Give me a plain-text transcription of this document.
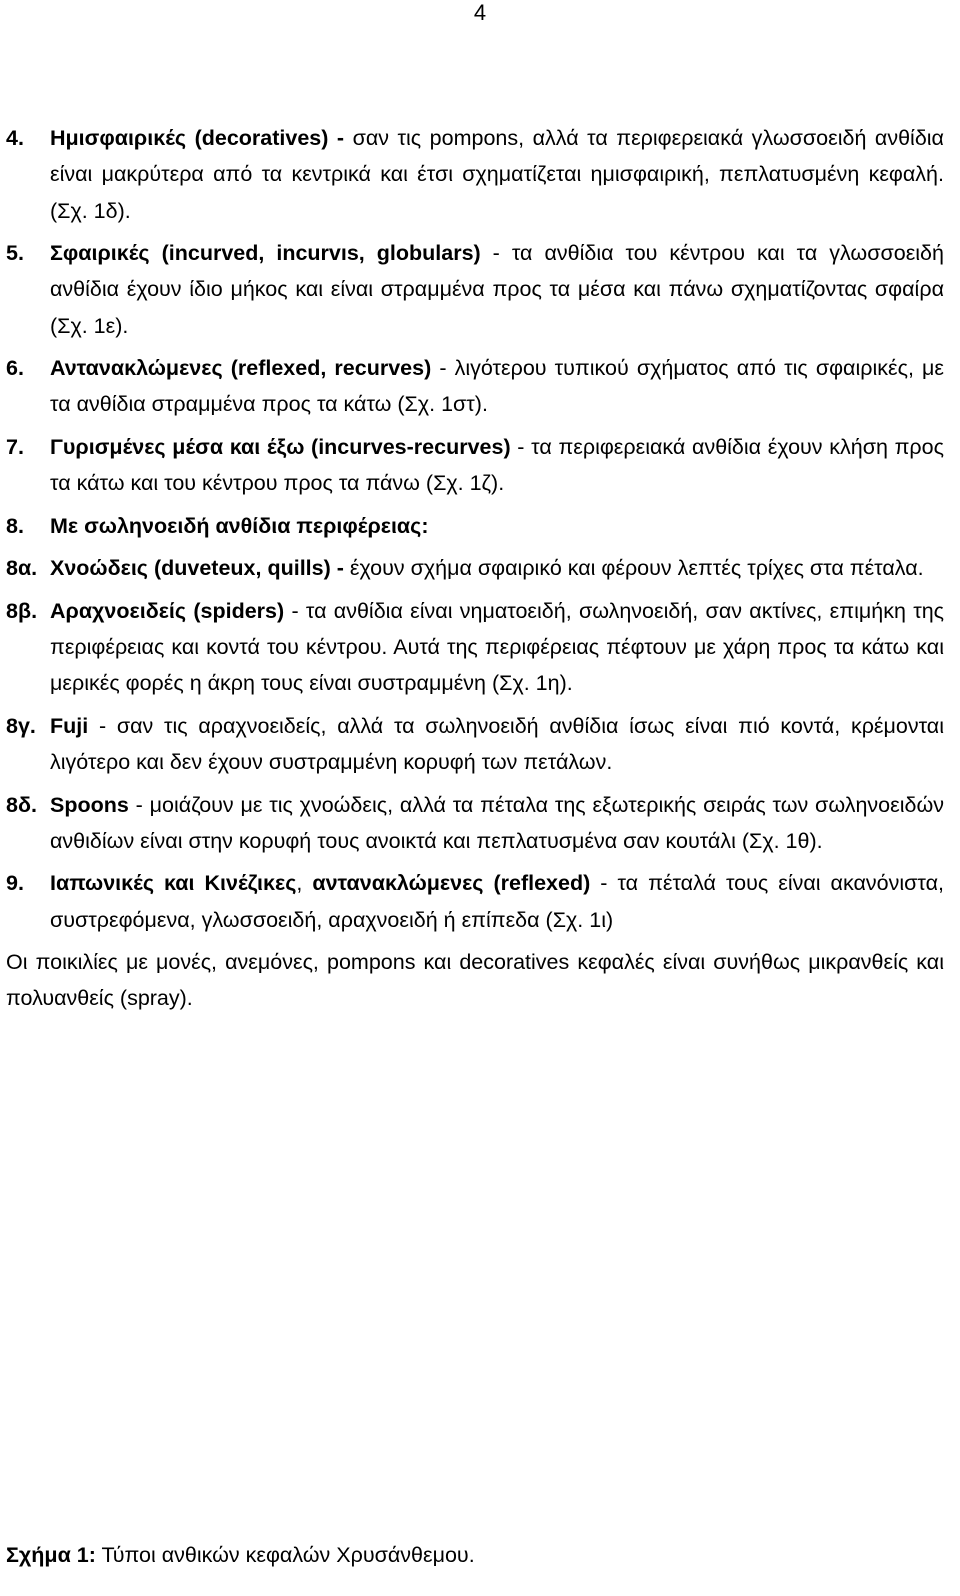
4
4. Ημισφαιρικές (decoratives) - σαν τις pompons, αλλά τα περιφερειακά γλωσσοειδή ανθίδια είναι μακρύτερα από τα κεντρικά και έτσι σχηματίζεται ημισφαιρική, πεπλατυσμένη κεφαλή. (Σχ. 1δ).
5. Σφαιρικές (incurved, incurvıs, globulars) - τα ανθίδια του κέντρου και τα γλωσσοειδή ανθίδια έχουν ίδιο μήκος και είναι στραμμένα προς τα μέσα και πάνω σχηματίζοντας σφαίρα (Σχ. 1ε).
6. Αντανακλώμενες (reflexed, recurves) - λιγότερου τυπικού σχήματος από τις σφαιρικές, με τα ανθίδια στραμμένα προς τα κάτω (Σχ. 1στ).
7. Γυρισμένες μέσα και έξω (incurves-recurves) - τα περιφερειακά ανθίδια έχουν κλήση προς τα κάτω και του κέντρου προς τα πάνω (Σχ. 1ζ).
8. Με σωληνοειδή ανθίδια περιφέρειας:
8α. Χνοώδεις (duveteux, quills) - έχουν σχήμα σφαιρικό και φέρουν λεπτές τρίχες στα πέταλα.
8β. Αραχνοειδείς (spiders) - τα ανθίδια είναι νηματοειδή, σωληνοειδή, σαν ακτίνες, επιμήκη της περιφέρειας και κοντά του κέντρου. Αυτά της περιφέρειας πέφτουν με χάρη προς τα κάτω και μερικές φορές η άκρη τους είναι συστραμμένη (Σχ. 1η).
8γ. Fuji - σαν τις αραχνοειδείς, αλλά τα σωληνοειδή ανθίδια ίσως είναι πιό κοντά, κρέμονται λιγότερο και δεν έχουν συστραμμένη κορυφή των πετάλων.
8δ. Spoons - μοιάζουν με τις χνοώδεις, αλλά τα πέταλα της εξωτερικής σειράς των σωληνοειδών ανθιδίων είναι στην κορυφή τους ανοικτά και πεπλατυσμένα σαν κουτάλι (Σχ. 1θ).
9. Ιαπωνικές και Κινέζικες, αντανακλώμενες (reflexed) - τα πέταλά τους είναι ακανόνιστα, συστρεφόμενα, γλωσσοειδή, αραχνοειδή ή επίπεδα (Σχ. 1ι)

Οι ποικιλίες με μονές, ανεμόνες, pompons και decoratives κεφαλές είναι συνήθως μικρανθείς και πολυανθείς (spray).

Σχήμα 1: Τύποι ανθικών κεφαλών Χρυσάνθεμου.
